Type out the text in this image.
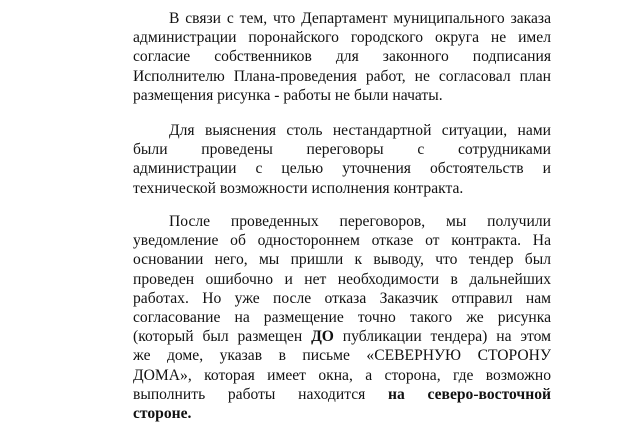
В связи с тем, что Департамент муниципального заказа
администрации поронайского городского округа не имел
согласие собственников для законного подписания
Исполнителю Плана-проведения работ, не согласовал план
размещения рисунка - работы не были начаты.
Для выяснения столь нестандартной ситуации, нами
были проведены переговоры с сотрудниками
администрации с целью уточнения обстоятельств и
технической возможности исполнения контракта.
После проведенных переговоров, мы получили
уведомление об одностороннем отказе от контракта. На
основании него, мы пришли к выводу, что тендер был
проведен ошибочно и нет необходимости в дальнейших
работах. Но уже после отказа Заказчик отправил нам
согласование на размещение точно такого же рисунка
(который был размещен ДО публикации тендера) на этом
же доме, указав в письме «СЕВЕРНУЮ СТОРОНУ
ДОМА», которая имеет окна, а сторона, где возможно
выполнить работы находится на северо-восточной
стороне.
